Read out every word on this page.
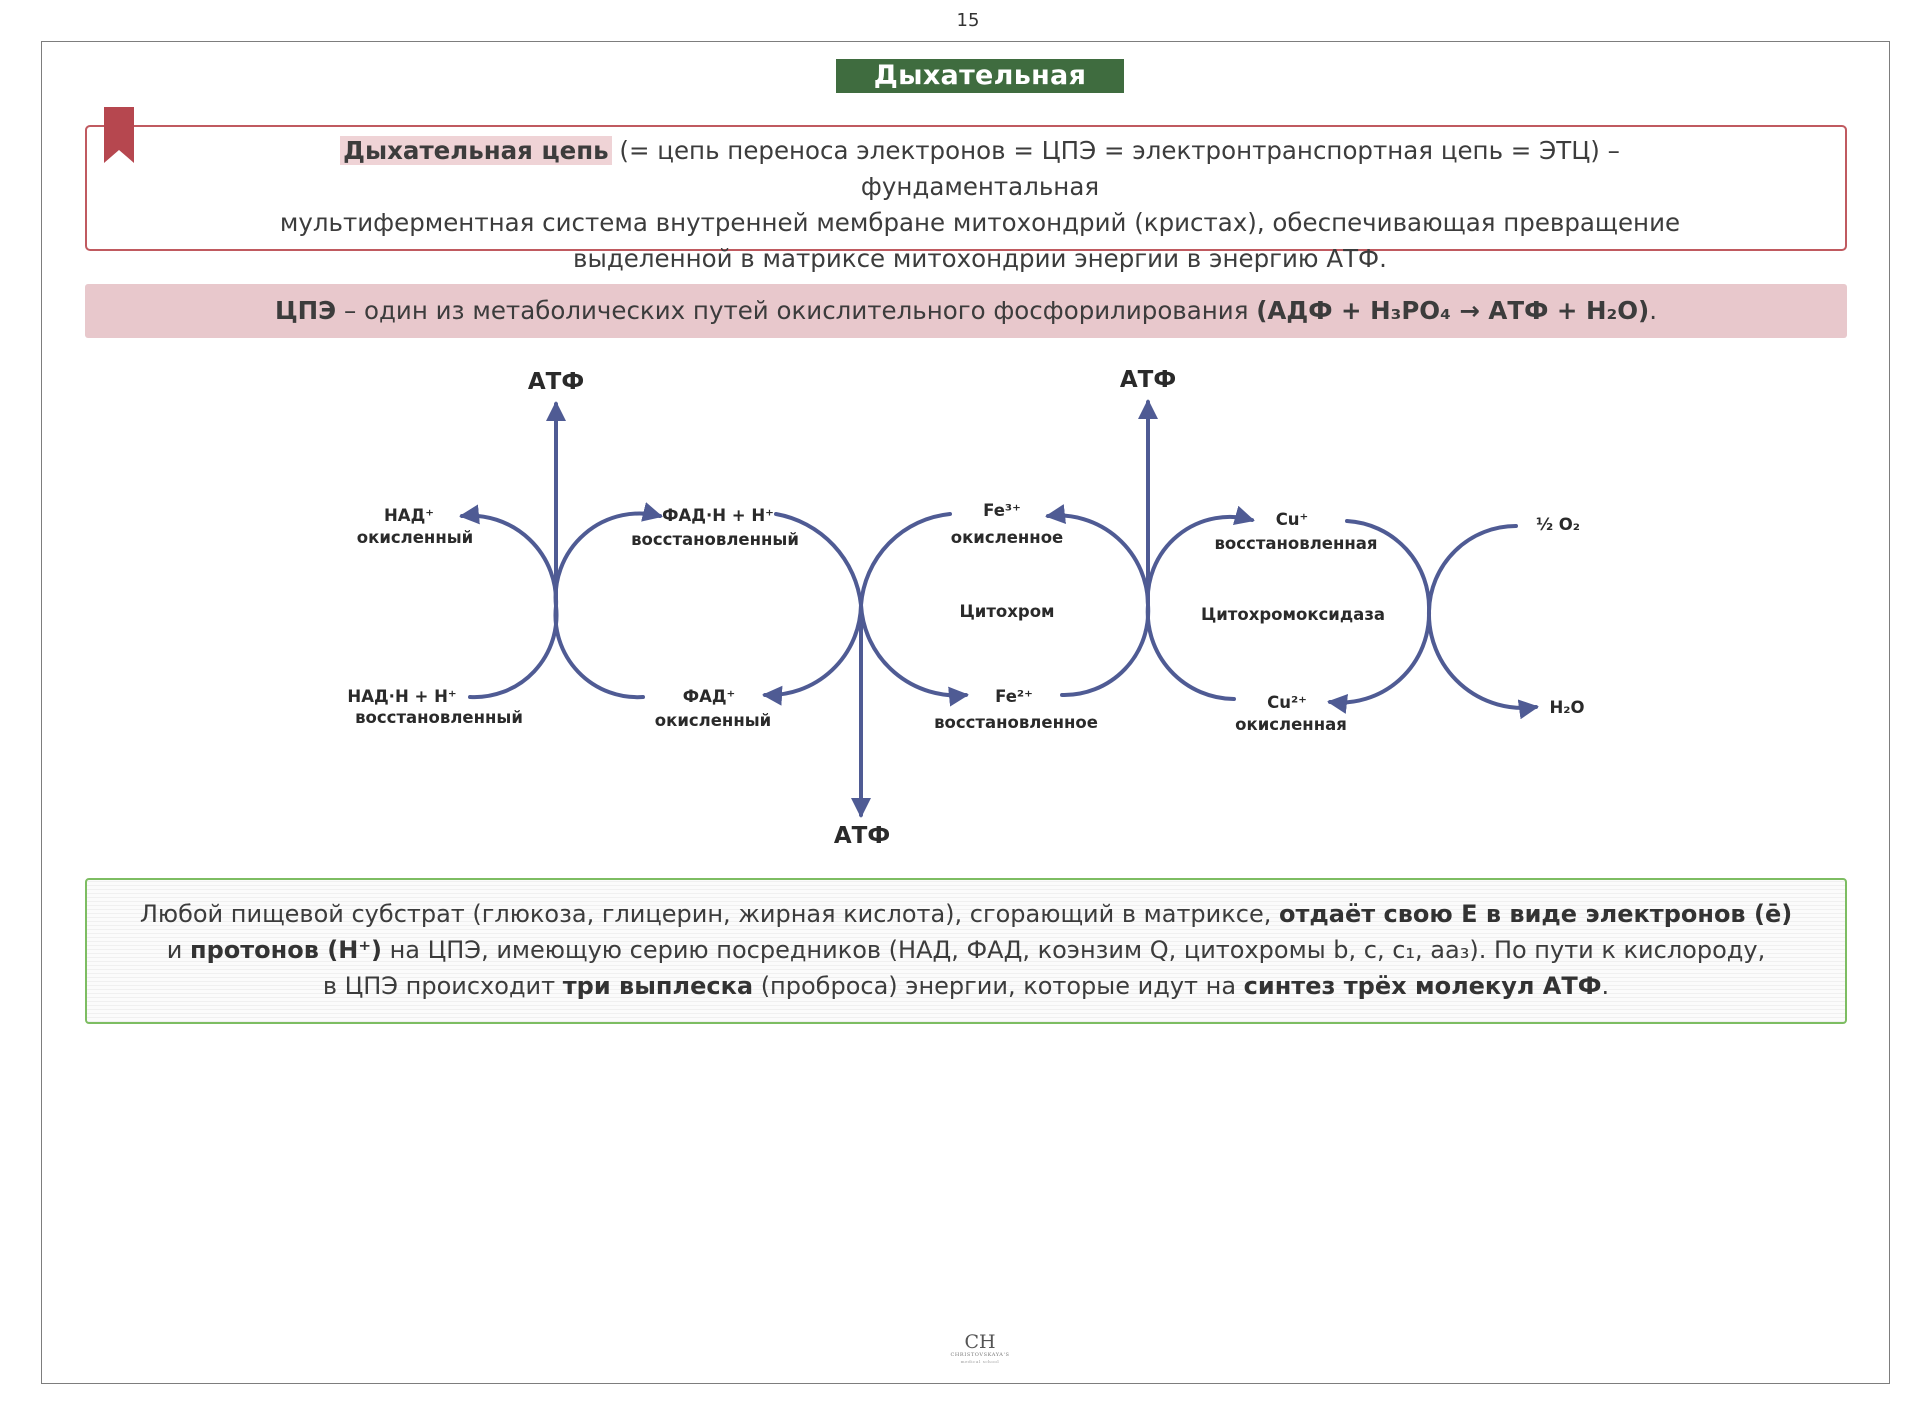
15
Дыхательная цепь
Дыхательная цепь (= цепь переноса электронов = ЦПЭ = электронтранспортная цепь = ЭТЦ) – фундаментальная
мультиферментная система внутренней мембране митохондрий (кристах), обеспечивающая превращение
выделенной в матриксе митохондрии энергии в энергию АТФ.
ЦПЭ – один из метаболических путей окислительного фосфорилирования (АДФ + Н₃РО₄ → АТФ + Н₂О).
АТФ	АТФ
АТФ
НАД⁺
окисленный
НАД·Н + Н⁺
восстановленный
ФАД·Н + Н⁺
восстановленный
ФАД⁺
окисленный
Fe³⁺
окисленное
Цитохром
Fe²⁺
восстановленное
Cu⁺
восстановленная
Цитохромоксидаза
Cu²⁺
окисленная
½ O₂
H₂O
Любой пищевой субстрат (глюкоза, глицерин, жирная кислота), сгорающий в матриксе, отдаёт свою Е в виде электронов (ē)
и протонов (Н⁺) на ЦПЭ, имеющую серию посредников (НАД, ФАД, коэнзим Q, цитохромы b, c, c₁, aa₃). По пути к кислороду,
в ЦПЭ происходит три выплеска (проброса) энергии, которые идут на синтез трёх молекул АТФ.
CH
CHRISTOVSKAYA'S
medical school
